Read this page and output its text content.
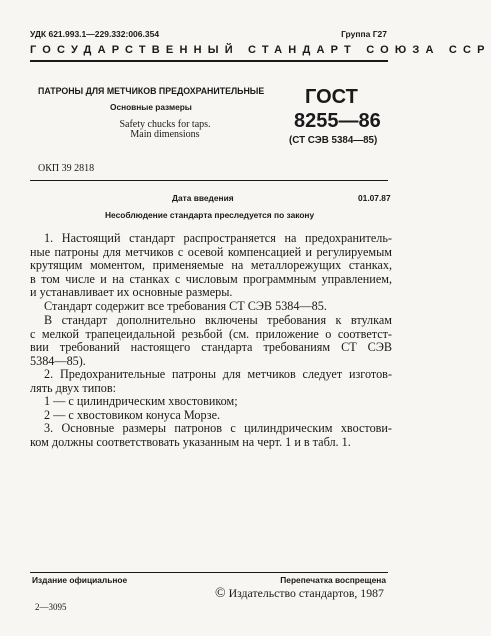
УДК 621.993.1—229.332:006.354	Группа Г27
ГОСУДАРСТВЕННЫЙ СТАНДАРТ СОЮЗА ССР
ПАТРОНЫ ДЛЯ МЕТЧИКОВ ПРЕДОХРАНИТЕЛЬНЫЕ
Основные размеры
Safety chucks for taps.
Main dimensions
ГОСТ
8255—86
(СТ СЭВ 5384—85)
ОКП 39 2818
Дата введения	01.07.87
Несоблюдение стандарта преследуется по закону
1. Настоящий стандарт распространяется на предохранитель-
ные патроны для метчиков с осевой компенсацией и регулируемым
крутящим моментом, применяемые на металлорежущих станках,
в том числе и на станках с числовым программным управлением,
и устанавливает их основные размеры.
Стандарт содержит все требования СТ СЭВ 5384—85.
В стандарт дополнительно включены требования к втулкам
с мелкой трапецеидальной резьбой (см. приложение о соответст-
вии требований настоящего стандарта требованиям СТ СЭВ
5384—85).
2. Предохранительные патроны для метчиков следует изготов-
лять двух типов:
1 — с цилиндрическим хвостовиком;
2 — с хвостовиком конуса Морзе.
3. Основные размеры патронов с цилиндрическим хвостови-
ком должны соответствовать указанным на черт. 1 и в табл. 1.
Издание официальное	Перепечатка воспрещена
© Издательство стандартов, 1987
2—3095
